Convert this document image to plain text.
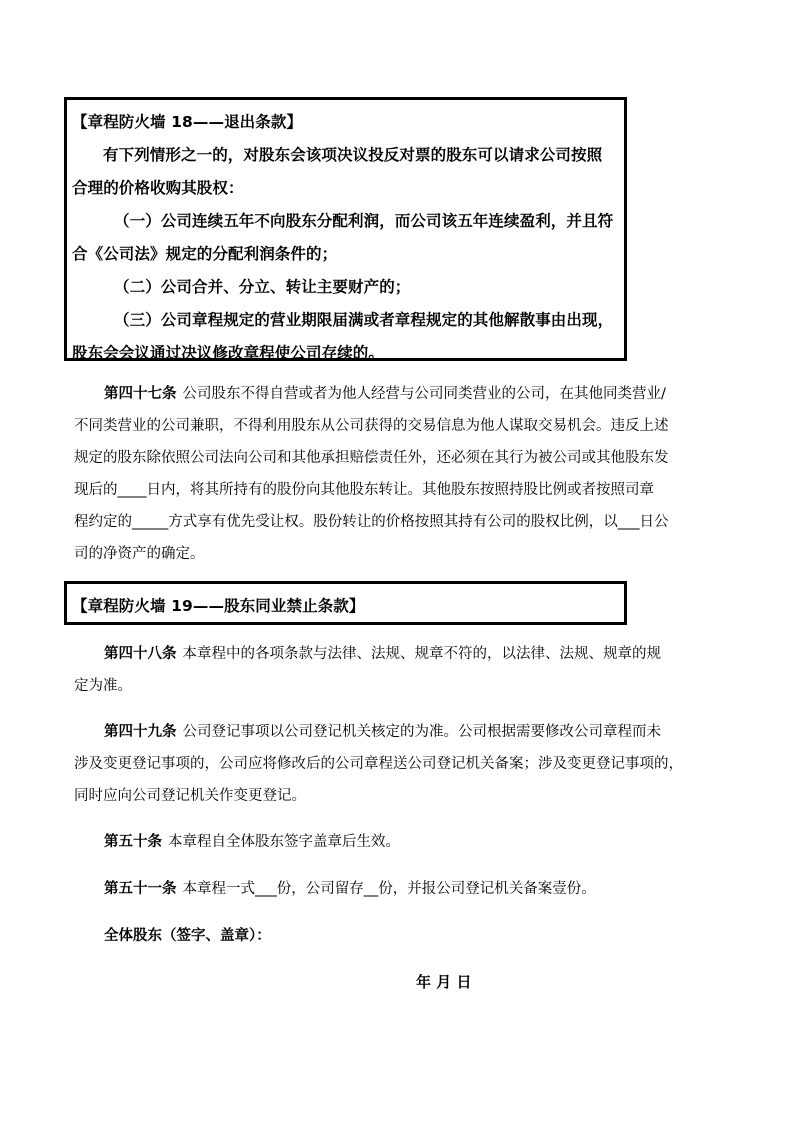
【章程防火墙 18——退出条款】
有下列情形之一的，对股东会该项决议投反对票的股东可以请求公司按照
合理的价格收购其股权：
（一）公司连续五年不向股东分配利润，而公司该五年连续盈利，并且符
合《公司法》规定的分配利润条件的；
（二）公司合并、分立、转让主要财产的；
（三）公司章程规定的营业期限届满或者章程规定的其他解散事由出现，
股东会会议通过决议修改章程使公司存续的。
第四十七条 公司股东不得自营或者为他人经营与公司同类营业的公司，在其他同类营业/
不同类营业的公司兼职，不得利用股东从公司获得的交易信息为他人谋取交易机会。违反上述
规定的股东除依照公司法向公司和其他承担赔偿责任外，还必须在其行为被公司或其他股东发
现后的____日内，将其所持有的股份向其他股东转让。其他股东按照持股比例或者按照司章
程约定的_____方式享有优先受让权。股份转让的价格按照其持有公司的股权比例，以___日公
司的净资产的确定。
【章程防火墙 19——股东同业禁止条款】
第四十八条 本章程中的各项条款与法律、法规、规章不符的，以法律、法规、规章的规
定为准。
第四十九条 公司登记事项以公司登记机关核定的为准。公司根据需要修改公司章程而未
涉及变更登记事项的，公司应将修改后的公司章程送公司登记机关备案；涉及变更登记事项的，
同时应向公司登记机关作变更登记。
第五十条 本章程自全体股东签字盖章后生效。
第五十一条 本章程一式___份，公司留存__份，并报公司登记机关备案壹份。
全体股东（签字、盖章）：
年 月 日
